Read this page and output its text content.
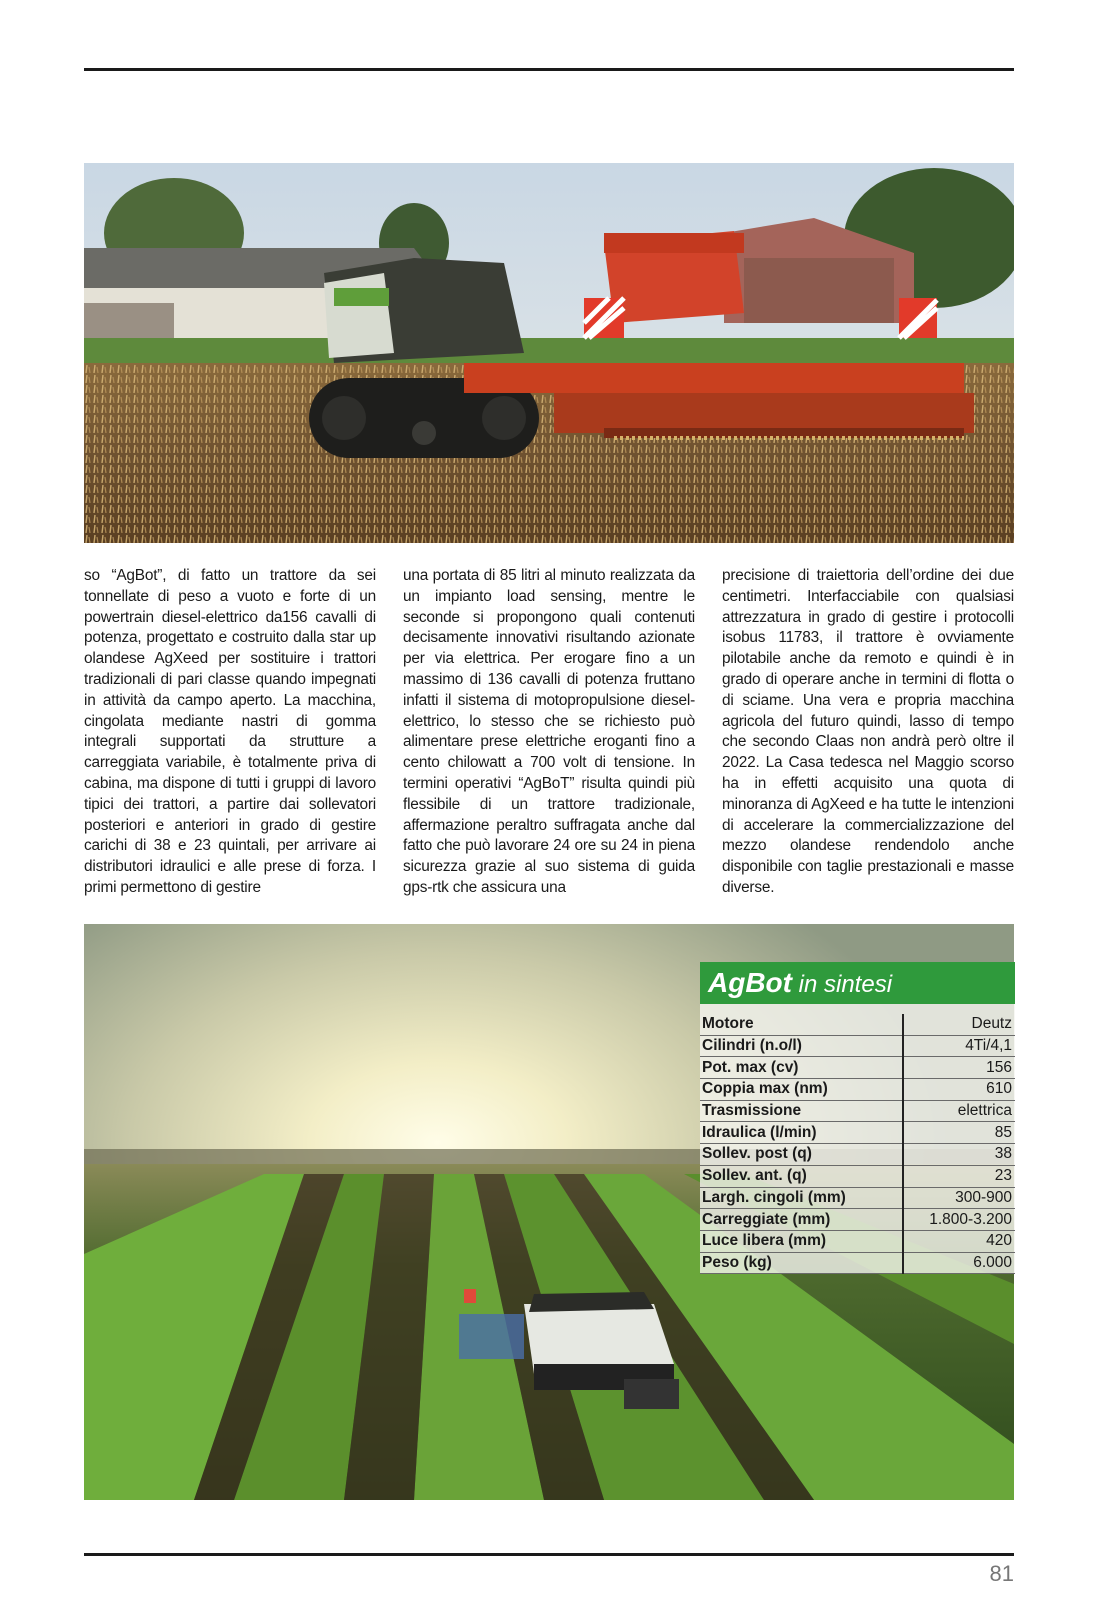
so “AgBot”, di fatto un trattore da sei tonnellate di peso a vuoto e forte di un powertrain diesel-elettrico da156 cavalli di potenza, progettato e costruito dalla star up olandese AgXeed per sostituire i trattori tradizionali di pari classe quando impegnati in attività da campo aperto. La macchina, cingolata mediante nastri di gomma integrali supportati da strutture a carreggiata variabile, è totalmente priva di cabina, ma dispone di tutti i gruppi di lavoro tipici dei trattori, a partire dai sollevatori posteriori e anteriori in grado di gestire carichi di 38 e 23 quintali, per arrivare ai distributori idraulici e alle prese di forza. I primi permettono di gestire

una portata di 85 litri al minuto realizzata da un impianto load sensing, mentre le seconde si propongono quali contenuti decisamente innovativi risultando azionate per via elettrica. Per erogare fino a un massimo di 136 cavalli di potenza fruttano infatti il sistema di motopropulsione diesel-elettrico, lo stesso che se richiesto può alimentare prese elettriche eroganti fino a cento chilowatt a 700 volt di tensione. In termini operativi “AgBoT” risulta quindi più flessibile di un trattore tradizionale, affermazione peraltro suffragata anche dal fatto che può lavorare 24 ore su 24 in piena sicurezza grazie al suo sistema di guida gps-rtk che assicura una

precisione di traiettoria dell’ordine dei due centimetri. Interfacciabile con qualsiasi attrezzatura in grado di gestire i protocolli isobus 11783, il trattore è ovviamente pilotabile anche da remoto e quindi è in grado di operare anche in termini di flotta o di sciame. Una vera e propria macchina agricola del futuro quindi, lasso di tempo che secondo Claas non andrà però oltre il 2022. La Casa tedesca nel Maggio scorso ha in effetti acquisito una quota di minoranza di AgXeed e ha tutte le intenzioni di accelerare la commercializzazione del mezzo olandese rendendolo anche disponibile con taglie prestazionali e masse diverse.

AgBot in sintesi
Motore	Deutz
Cilindri (n.o/l)	4Ti/4,1
Pot. max (cv)	156
Coppia max (nm)	610
Trasmissione	elettrica
Idraulica (l/min)	85
Sollev. post (q)	38
Sollev. ant. (q)	23
Largh. cingoli (mm)	300-900
Carreggiate (mm)	1.800-3.200
Luce libera (mm)	420
Peso (kg)	6.000
81
